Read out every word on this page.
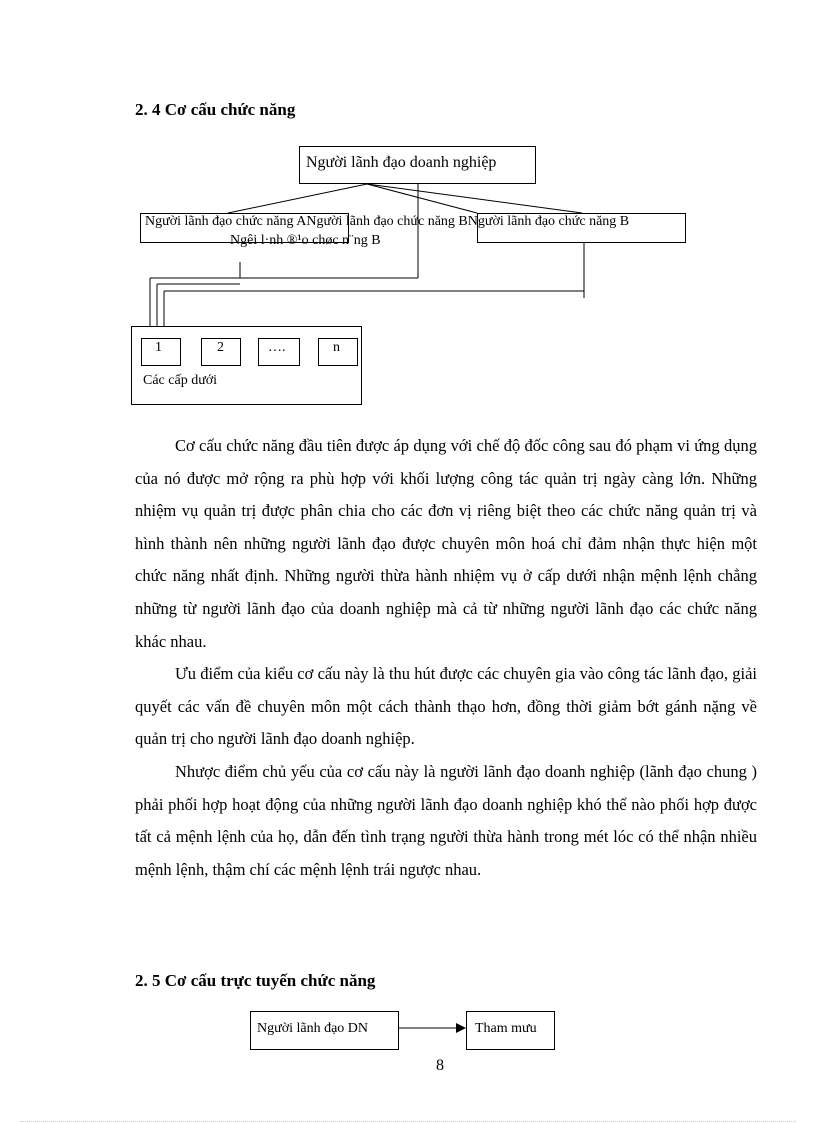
2. 4 Cơ cấu chức năng
Người lãnh đạo doanh nghiệp
Người lãnh đạo chức năng ANgười lãnh đạo chức năng BNgười lãnh đạo chức năng B
Ngêi l·nh ®¹o chøc n¨ng B
1	2	….	n
Các cấp dưới

Cơ cấu chức năng đầu tiên được áp dụng với chế độ đốc công sau đó phạm vi ứng dụng của nó được mở rộng ra phù hợp với khối lượng công tác quản trị ngày càng lớn. Những nhiệm vụ quản trị được phân chia cho các đơn vị riêng biệt theo các chức năng quản trị và hình thành nên những người lãnh đạo được chuyên môn hoá chỉ đảm nhận thực hiện một chức năng nhất định. Những người thừa hành nhiệm vụ ở cấp dưới nhận mệnh lệnh chẳng những từ người lãnh đạo của doanh nghiệp mà cả từ những người lãnh đạo các chức năng khác nhau.

Ưu điểm của kiểu cơ cấu này là thu hút được các chuyên gia vào công tác lãnh đạo, giải quyết các vấn đề chuyên môn một cách thành thạo hơn, đồng thời giảm bớt gánh nặng về quản trị cho người lãnh đạo doanh nghiệp.

Nhược điểm chủ yếu của cơ cấu này là người lãnh đạo doanh nghiệp (lãnh đạo chung ) phải phối hợp hoạt động của những người lãnh đạo doanh nghiệp khó thể nào phối hợp được tất cả mệnh lệnh của họ, dẫn đến tình trạng người thừa hành trong mét lóc có thể nhận nhiều mệnh lệnh, thậm chí các mệnh lệnh trái ngược nhau.

2. 5 Cơ cấu trực tuyến chức năng
Người lãnh đạo DN	Tham mưu
8
